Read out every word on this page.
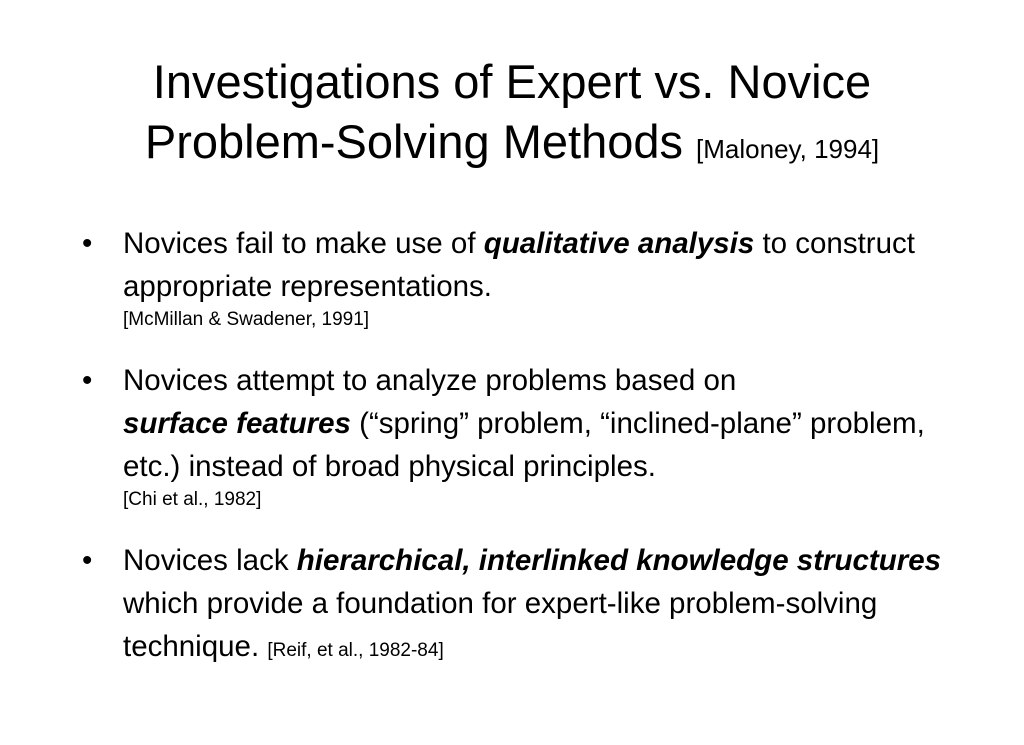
Investigations of Expert vs. Novice
Problem-Solving Methods [Maloney, 1994]
•	Novices fail to make use of qualitative analysis to construct appropriate representations.
[McMillan & Swadener, 1991]
•	Novices attempt to analyze problems based on
surface features (“spring” problem, “inclined-plane” problem, etc.) instead of broad physical principles.
[Chi et al., 1982]
•	Novices lack hierarchical, interlinked knowledge structures which provide a foundation for expert-like problem-solving technique. [Reif, et al., 1982-84]
